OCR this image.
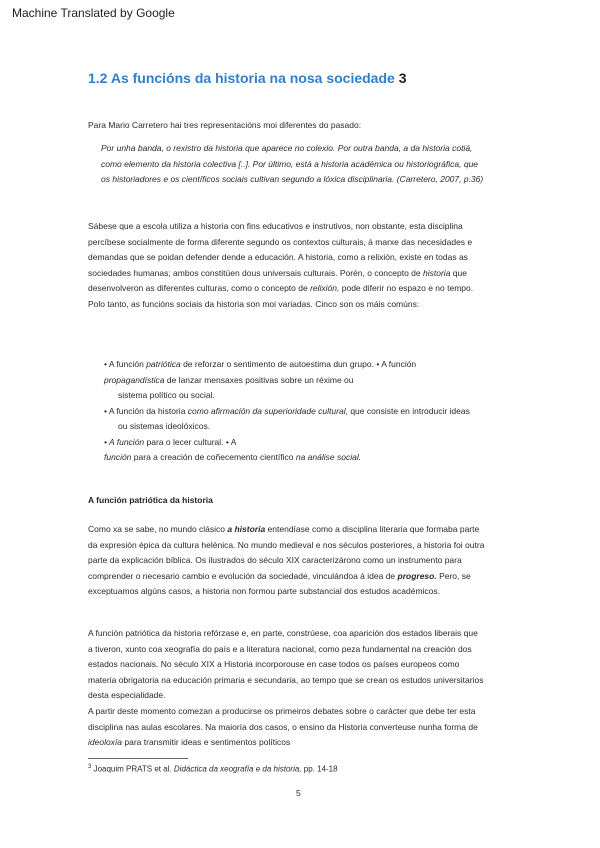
Machine Translated by Google
1.2 As funcións da historia na nosa sociedade 3
Para Mario Carretero hai tres representacións moi diferentes do pasado:
Por unha banda, o rexistro da historia que aparece no colexio. Por outra banda, a da historia cotiá,
como elemento da historia colectiva [..]. Por último, está a historia académica ou historiográfica, que
os historiadores e os científicos sociais cultivan segundo a lóxica disciplinaria. (Carretero, 2007, p.36)
Sábese que a escola utiliza a historia con fins educativos e instrutivos, non obstante, esta disciplina
percíbese socialmente de forma diferente segundo os contextos culturais, á marxe das necesidades e
demandas que se poidan defender dende a educación. A historia, como a relixión, existe en todas as
sociedades humanas; ambos constitúen dous universais culturais. Porén, o concepto de historia que
desenvolveron as diferentes culturas, como o concepto de relixión, pode diferir no espazo e no tempo.
Polo tanto, as funcións sociais da historia son moi variadas. Cinco son os máis comúns:
• A función patriótica de reforzar o sentimento de autoestima dun grupo. • A función
propagandística de lanzar mensaxes positivas sobre un réxime ou
sistema político ou social.
• A función da historia como afirmación da superioridade cultural, que consiste en introducir ideas
ou sistemas ideolóxicos.
• A función para o lecer cultural. • A
función para a creación de coñecemento científico na análise social.
A función patriótica da historia
Como xa se sabe, no mundo clásico a historia entendíase como a disciplina literaria que formaba parte
da expresión épica da cultura helénica. No mundo medieval e nos séculos posteriores, a historia foi outra
parte da explicación bíblica. Os ilustrados do século XIX caracterizárono como un instrumento para
comprender o necesario cambio e evolución da sociedade, vinculándoa á idea de progreso. Pero, se
exceptuamos algúns casos, a historia non formou parte substancial dos estudos académicos.
A función patriótica da historia refórzase e, en parte, constrúese, coa aparición dos estados liberais que
a tiveron, xunto coa xeografía do país e a literatura nacional, como peza fundamental na creación dos
estados nacionais. No século XIX a Historia incorporouse en case todos os países europeos como
materia obrigatoria na educación primaria e secundaria, ao tempo que se crean os estudos universitarios
desta especialidade.
A partir deste momento comezan a producirse os primeiros debates sobre o carácter que debe ter esta
disciplina nas aulas escolares. Na maioría dos casos, o ensino da Historia converteuse nunha forma de
ideoloxía para transmitir ideas e sentimentos políticos
$^3$ Joaquim PRATS et al. Didáctica da xeografía e da historia, pp. 14-18
5
